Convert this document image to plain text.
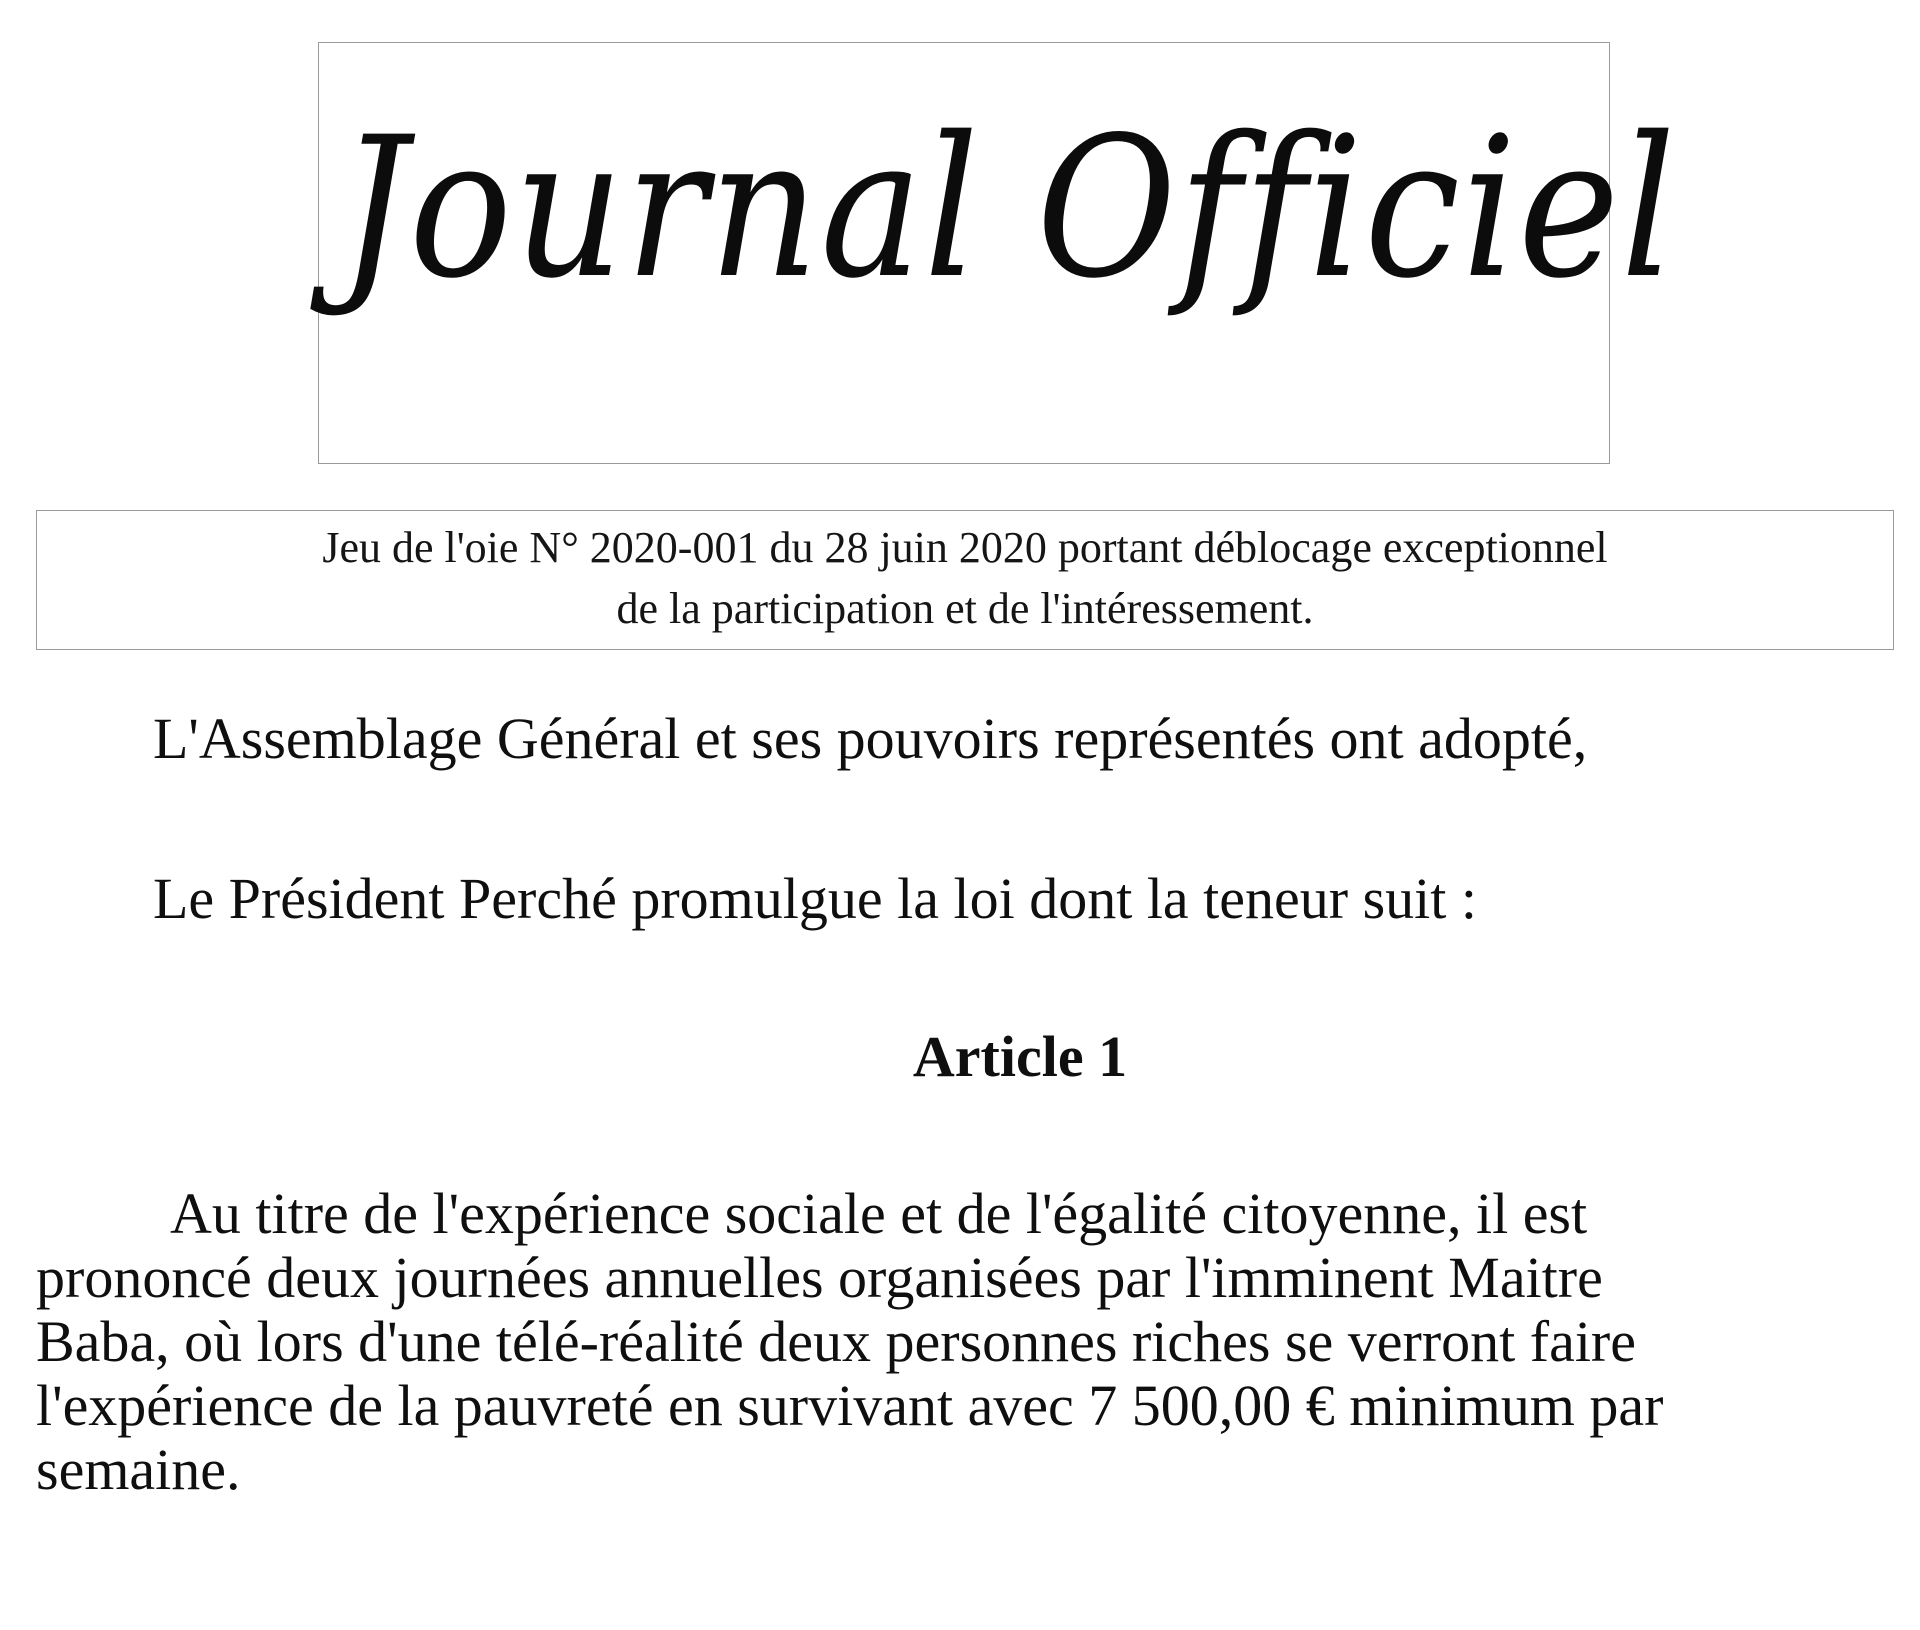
Journal Officiel
Jeu de l'oie N° 2020-001 du 28 juin 2020 portant déblocage exceptionnel
de la participation et de l'intéressement.
L'Assemblage Général et ses pouvoirs représentés ont adopté,
Le Président Perché promulgue la loi dont la teneur suit :
Article 1
Au titre de l'expérience sociale et de l'égalité citoyenne, il est
prononcé deux journées annuelles organisées par l'imminent Maitre
Baba, où lors d'une télé-réalité deux personnes riches se verront faire
l'expérience de la pauvreté en survivant avec 7 500,00 € minimum par
semaine.
